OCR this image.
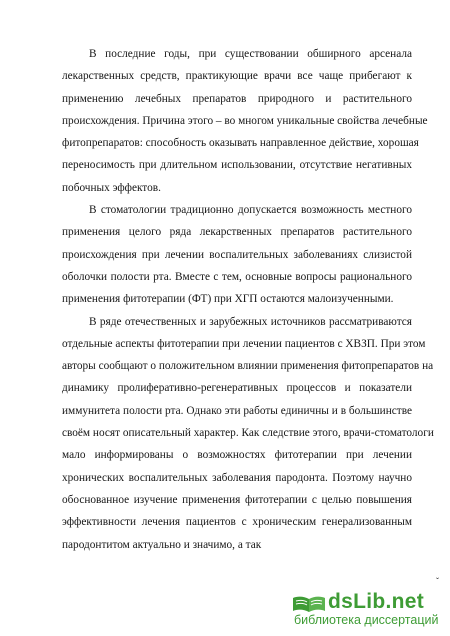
В последние годы, при существовании обширного арсенала
лекарственных средств, практикующие врачи все чаще прибегают к
применению лечебных препаратов природного и растительного
происхождения. Причина этого – во многом уникальные свойства лечебные
фитопрепаратов: способность оказывать направленное действие, хорошая
переносимость при длительном использовании, отсутствие негативных
побочных эффектов.
В стоматологии традиционно допускается возможность местного
применения целого ряда лекарственных препаратов растительного
происхождения при лечении воспалительных заболеваниях слизистой
оболочки полости рта. Вместе с тем, основные вопросы рационального
применения фитотерапии (ФТ) при ХГП остаются малоизученными.
В ряде отечественных и зарубежных источников рассматриваются
отдельные аспекты фитотерапии при лечении пациентов с ХВЗП. При этом
авторы сообщают о положительном влиянии применения фитопрепаратов на
динамику пролиферативно-регенеративных процессов и показатели
иммунитета полости рта. Однако эти работы единичны и в большинстве
своём носят описательный характер. Как следствие этого, врачи-стоматологи
мало информированы о возможностях фитотерапии при лечении
хронических воспалительных заболевания пародонта. Поэтому научно
обоснованное изучение применения фитотерапии с целью повышения
эффективности лечения пациентов с хроническим генерализованным
пародонтитом актуально и значимо, а так
ˇ
dsLib.net
библиотека диссертаций
